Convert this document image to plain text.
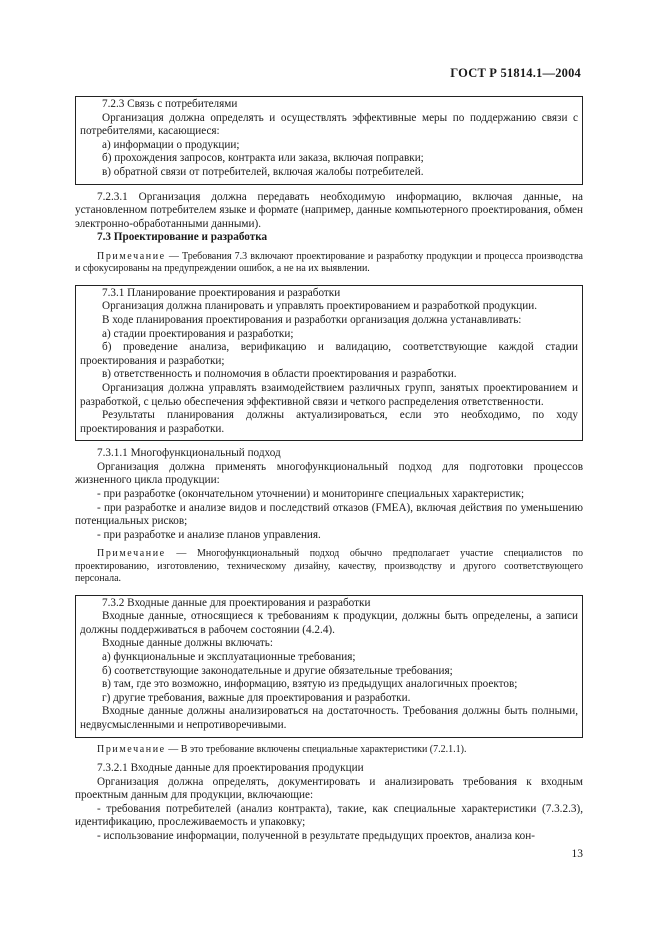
ГОСТ Р 51814.1—2004

7.2.3 Связь с потребителями

Организация должна определять и осуществлять эффективные меры по поддержанию связи с потребителями, касающиеся:

а) информации о продукции;

б) прохождения запросов, контракта или заказа, включая поправки;

в) обратной связи от потребителей, включая жалобы потребителей.

7.2.3.1 Организация должна передавать необходимую информацию, включая данные, на установленном потребителем языке и формате (например, данные компьютерного проектирования, обмен электронно-обработанными данными).

7.3 Проектирование и разработка

Примечание — Требования 7.3 включают проектирование и разработку продукции и процесса производства и сфокусированы на предупреждении ошибок, а не на их выявлении.

7.3.1 Планирование проектирования и разработки

Организация должна планировать и управлять проектированием и разработкой продукции.

В ходе планирования проектирования и разработки организация должна устанавливать:

а) стадии проектирования и разработки;

б) проведение анализа, верификацию и валидацию, соответствующие каждой стадии проектирования и разработки;

в) ответственность и полномочия в области проектирования и разработки.

Организация должна управлять взаимодействием различных групп, занятых проектированием и разработкой, с целью обеспечения эффективной связи и четкого распределения ответственности.

Результаты планирования должны актуализироваться, если это необходимо, по ходу проектирования и разработки.

7.3.1.1 Многофункциональный подход

Организация должна применять многофункциональный подход для подготовки процессов жизненного цикла продукции:

- при разработке (окончательном уточнении) и мониторинге специальных характеристик;

- при разработке и анализе видов и последствий отказов (FMEA), включая действия по уменьшению потенциальных рисков;

- при разработке и анализе планов управления.

Примечание — Многофункциональный подход обычно предполагает участие специалистов по проектированию, изготовлению, техническому дизайну, качеству, производству и другого соответствующего персонала.

7.3.2 Входные данные для проектирования и разработки

Входные данные, относящиеся к требованиям к продукции, должны быть определены, а записи должны поддерживаться в рабочем состоянии (4.2.4).

Входные данные должны включать:

а) функциональные и эксплуатационные требования;

б) соответствующие законодательные и другие обязательные требования;

в) там, где это возможно, информацию, взятую из предыдущих аналогичных проектов;

г) другие требования, важные для проектирования и разработки.

Входные данные должны анализироваться на достаточность. Требования должны быть полными, недвусмысленными и непротиворечивыми.

Примечание — В это требование включены специальные характеристики (7.2.1.1).

7.3.2.1 Входные данные для проектирования продукции

Организация должна определять, документировать и анализировать требования к входным проектным данным для продукции, включающие:

- требования потребителей (анализ контракта), такие, как специальные характеристики (7.3.2.3), идентификацию, прослеживаемость и упаковку;

- использование информации, полученной в результате предыдущих проектов, анализа кон-

13
